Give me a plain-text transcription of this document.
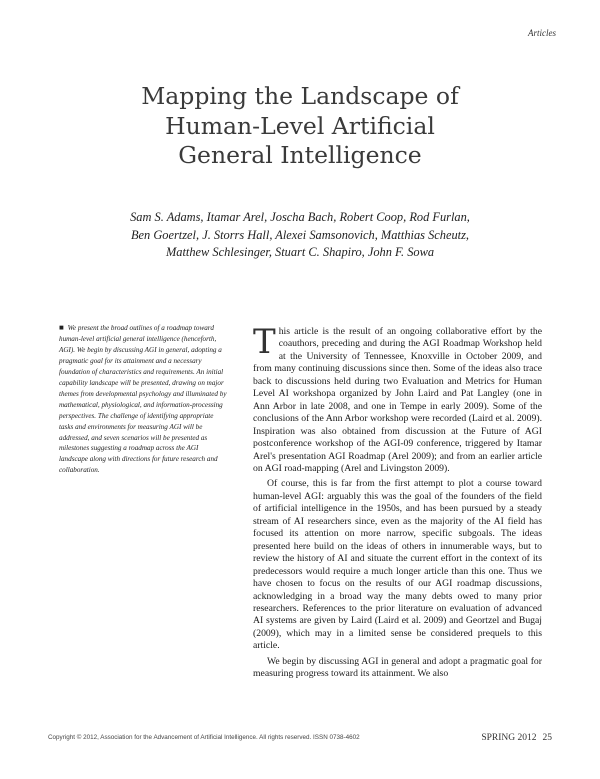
Articles
Mapping the Landscape of
Human-Level Artificial
General Intelligence
Sam S. Adams, Itamar Arel, Joscha Bach, Robert Coop, Rod Furlan,
Ben Goertzel, J. Storrs Hall, Alexei Samsonovich, Matthias Scheutz,
Matthew Schlesinger, Stuart C. Shapiro, John F. Sowa

■ We present the broad outlines of a roadmap toward human-level artificial general intelligence (henceforth, AGI). We begin by discussing AGI in general, adopting a pragmatic goal for its attainment and a necessary foundation of characteristics and requirements. An initial capability landscape will be presented, drawing on major themes from developmental psychology and illuminated by mathematical, physiological, and information-processing perspectives. The challenge of identifying appropriate tasks and environments for measuring AGI will be addressed, and seven scenarios will be presented as milestones suggesting a roadmap across the AGI landscape along with directions for future research and collaboration.

T his article is the result of an ongoing collaborative effort by the coauthors, preceding and during the AGI Roadmap Workshop held at the University of Tennessee, Knoxville in October 2009, and from many continuing discussions since then. Some of the ideas also trace back to discussions held during two Evaluation and Metrics for Human Level AI workshopa organized by John Laird and Pat Langley (one in Ann Arbor in late 2008, and one in Tempe in early 2009). Some of the conclusions of the Ann Arbor workshop were recorded (Laird et al. 2009). Inspiration was also obtained from discussion at the Future of AGI postconference workshop of the AGI-09 conference, triggered by Itamar Arel's presentation AGI Roadmap (Arel 2009); and from an earlier article on AGI road-mapping (Arel and Livingston 2009).

Of course, this is far from the first attempt to plot a course toward human-level AGI: arguably this was the goal of the founders of the field of artificial intelligence in the 1950s, and has been pursued by a steady stream of AI researchers since, even as the majority of the AI field has focused its attention on more narrow, specific subgoals. The ideas presented here build on the ideas of others in innumerable ways, but to review the history of AI and situate the current effort in the context of its predecessors would require a much longer article than this one. Thus we have chosen to focus on the results of our AGI roadmap discussions, acknowledging in a broad way the many debts owed to many prior researchers. References to the prior literature on evaluation of advanced AI systems are given by Laird (Laird et al. 2009) and Geortzel and Bugaj (2009), which may in a limited sense be considered prequels to this article.

We begin by discussing AGI in general and adopt a pragmatic goal for measuring progress toward its attainment. We also

Copyright © 2012, Association for the Advancement of Artificial Intelligence. All rights reserved. ISSN 0738-4602	SPRING 2012 25
